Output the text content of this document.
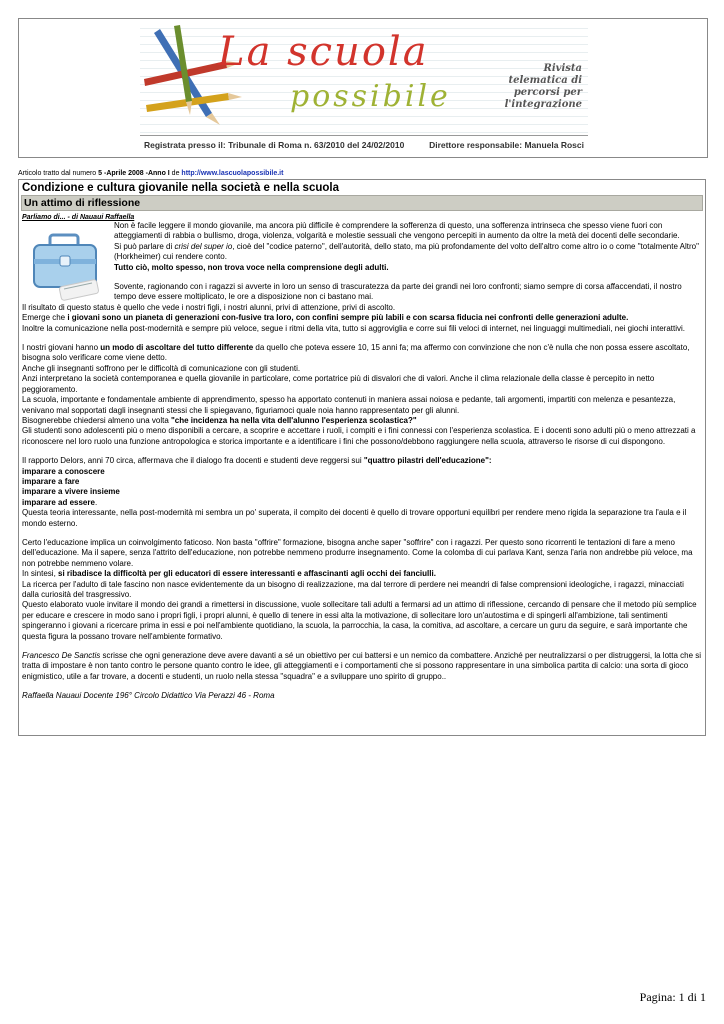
La scuola
possibile
Rivista telematica di percorsi per l'integrazione
Registrata presso il: Tribunale di Roma n. 63/2010 del 24/02/2010	Direttore responsabile: Manuela Rosci
Articolo tratto dal numero 5 -Aprile 2008 -Anno I de http://www.lascuolapossibile.it
Condizione e cultura giovanile nella società e nella scuola
Un attimo di riflessione
Parliamo di... - di Nauaui Raffaella
Non è facile leggere il mondo giovanile, ma ancora più difficile è comprendere la sofferenza di questo, una sofferenza intrinseca che spesso viene fuori con atteggiamenti di rabbia o bullismo, droga, violenza, volgarità e molestie sessuali che vengono percepiti in aumento da oltre la metà dei docenti delle secondarie.
Si può parlare di crisi del super io, cioè del "codice paterno", dell'autorità, dello stato, ma più profondamente del volto dell'altro come altro io o come "totalmente Altro" (Horkheimer) cui rendere conto.
Tutto ciò, molto spesso, non trova voce nella comprensione degli adulti.
Sovente, ragionando con i ragazzi si avverte in loro un senso di trascuratezza da parte dei grandi nei loro confronti; siamo sempre di corsa affaccendati, il nostro tempo deve essere moltiplicato, le ore a disposizione non ci bastano mai.

Il risultato di questo status è quello che vede i nostri figli, i nostri alunni, privi di attenzione, privi di ascolto.
Emerge che i giovani sono un pianeta di generazioni con-fusive tra loro, con confini sempre più labili e con scarsa fiducia nei confronti delle generazioni adulte.
Inoltre la comunicazione nella post-modernità e sempre più veloce, segue i ritmi della vita, tutto si aggroviglia e corre sui fili veloci di internet, nei linguaggi multimediali, nei giochi interattivi.

I nostri giovani hanno un modo di ascoltare del tutto differente da quello che poteva essere 10, 15 anni fa; ma affermo con convinzione che non c'è nulla che non possa essere ascoltato, bisogna solo verificare come viene detto.
Anche gli insegnanti soffrono per le difficoltà di comunicazione con gli studenti.
Anzi interpretano la società contemporanea e quella giovanile in particolare, come portatrice più di disvalori che di valori. Anche il clima relazionale della classe è percepito in netto peggioramento.
La scuola, importante e fondamentale ambiente di apprendimento, spesso ha apportato contenuti in maniera assai noiosa e pedante, tali argomenti, impartiti con melenza e pesantezza, venivano mal sopportati dagli insegnanti stessi che li spiegavano, figuriamoci quale noia hanno rappresentato per gli alunni.
Bisognerebbe chiedersi almeno una volta "che incidenza ha nella vita dell'alunno l'esperienza scolastica?"
Gli studenti sono adolescenti più o meno disponibili a cercare, a scoprire e accettare i ruoli, i compiti e i fini connessi con l'esperienza scolastica. E i docenti sono adulti più o meno attrezzati a riconoscere nel loro ruolo una funzione antropologica e storica importante e a identificare i fini che possono/debbono raggiungere nella scuola, attraverso le risorse di cui dispongono.

Il rapporto Delors, anni 70 circa, affermava che il dialogo fra docenti e studenti deve reggersi sui "quattro pilastri dell'educazione":
imparare a conoscere
imparare a fare
imparare a vivere insieme
imparare ad essere.
Questa teoria interessante, nella post-modernità mi sembra un po' superata, il compito dei docenti è quello di trovare opportuni equilibri per rendere meno rigida la separazione tra l'aula e il mondo esterno.

Certo l'educazione implica un coinvolgimento faticoso. Non basta "offrire" formazione, bisogna anche saper "soffrire" con i ragazzi. Per questo sono ricorrenti le tentazioni di fare a meno dell'educazione. Ma il sapere, senza l'attrito dell'educazione, non potrebbe nemmeno produrre insegnamento. Come la colomba di cui parlava Kant, senza l'aria non andrebbe più veloce, ma non potrebbe nemmeno volare.
In sintesi, si ribadisce la difficoltà per gli educatori di essere interessanti e affascinanti agli occhi dei fanciulli.
La ricerca per l'adulto di tale fascino non nasce evidentemente da un bisogno di realizzazione, ma dal terrore di perdere nei meandri di false comprensioni ideologiche, i ragazzi, minacciati dalla curiosità del trasgressivo.
Questo elaborato vuole invitare il mondo dei grandi a rimettersi in discussione, vuole sollecitare tali adulti a fermarsi ad un attimo di riflessione, cercando di pensare che il metodo più semplice per educare e crescere in modo sano i propri figli, i propri alunni, è quello di tenere in essi alta la motivazione, di sollecitare loro un'autostima e di spingerli all'ambizione, tali sentimenti spingeranno i giovani a ricercare prima in essi e poi nell'ambiente quotidiano, la scuola, la parrocchia, la casa, la comitiva, ad ascoltare, a cercare un guru da seguire, e sarà importante che questa figura la possano trovare nell'ambiente formativo.

Francesco De Sanctis scrisse che ogni generazione deve avere davanti a sé un obiettivo per cui battersi e un nemico da combattere. Anziché per neutralizzarsi o per distruggersi, la lotta che si tratta di impostare è non tanto contro le persone quanto contro le idee, gli atteggiamenti e i comportamenti che si possono rappresentare in una simbolica partita di calcio: una sorta di gioco enigmistico, utile a far trovare, a docenti e studenti, un ruolo nella stessa "squadra" e a sviluppare uno spirito di gruppo..

Raffaella Nauaui Docente 196° Circolo Didattico Via Perazzi 46 - Roma

Pagina: 1 di 1
